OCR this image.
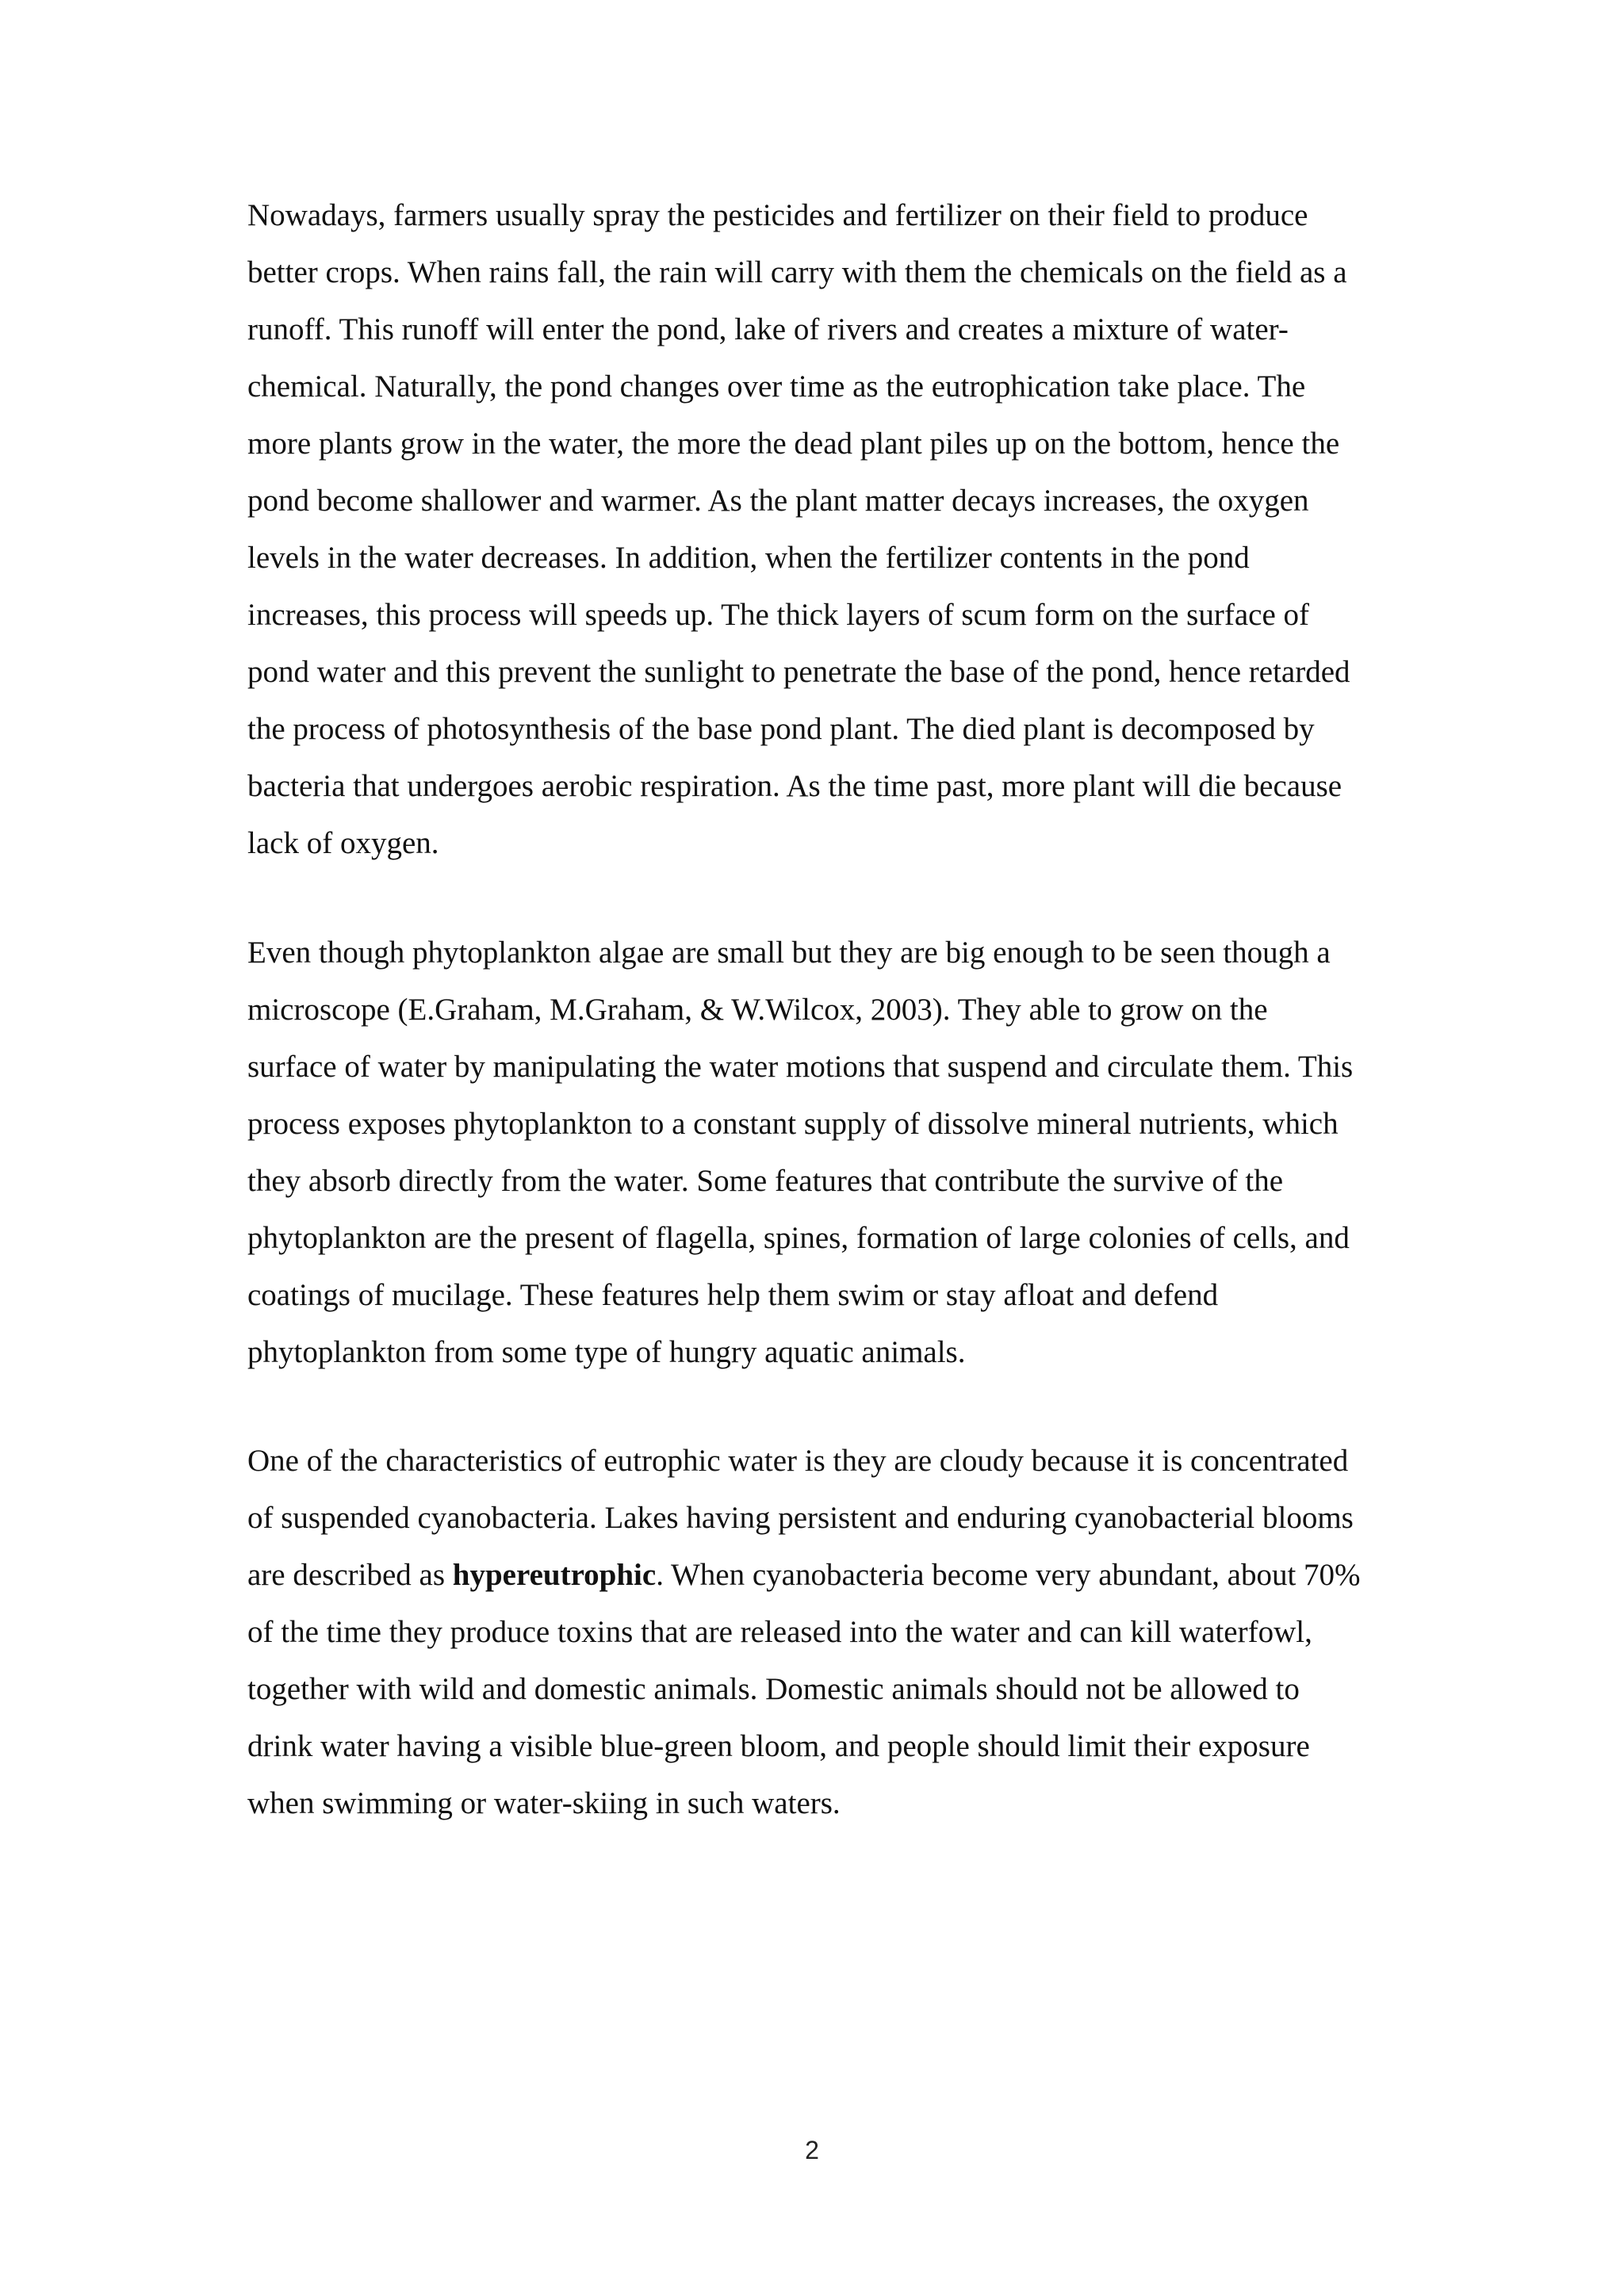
Nowadays, farmers usually spray the pesticides and fertilizer on their field to produce
better crops. When rains fall, the rain will carry with them the chemicals on the field as a
runoff. This runoff will enter the pond, lake of rivers and creates a mixture of water-
chemical. Naturally, the pond changes over time as the eutrophication take place. The
more plants grow in the water, the more the dead plant piles up on the bottom, hence the
pond become shallower and warmer. As the plant matter decays increases, the oxygen
levels in the water decreases. In addition, when the fertilizer contents in the pond
increases, this process will speeds up. The thick layers of scum form on the surface of
pond water and this prevent the sunlight to penetrate the base of the pond, hence retarded
the process of photosynthesis of the base pond plant. The died plant is decomposed by
bacteria that undergoes aerobic respiration. As the time past, more plant will die because
lack of oxygen.

Even though phytoplankton algae are small but they are big enough to be seen though a
microscope (E.Graham, M.Graham, & W.Wilcox, 2003). They able to grow on the
surface of water by manipulating the water motions that suspend and circulate them. This
process exposes phytoplankton to a constant supply of dissolve mineral nutrients, which
they absorb directly from the water. Some features that contribute the survive of the
phytoplankton are the present of flagella, spines, formation of large colonies of cells, and
coatings of mucilage. These features help them swim or stay afloat and defend
phytoplankton from some type of hungry aquatic animals.

One of the characteristics of eutrophic water is they are cloudy because it is concentrated
of suspended cyanobacteria. Lakes having persistent and enduring cyanobacterial blooms
are described as hypereutrophic. When cyanobacteria become very abundant, about 70%
of the time they produce toxins that are released into the water and can kill waterfowl,
together with wild and domestic animals. Domestic animals should not be allowed to
drink water having a visible blue-green bloom, and people should limit their exposure
when swimming or water-skiing in such waters.

2
